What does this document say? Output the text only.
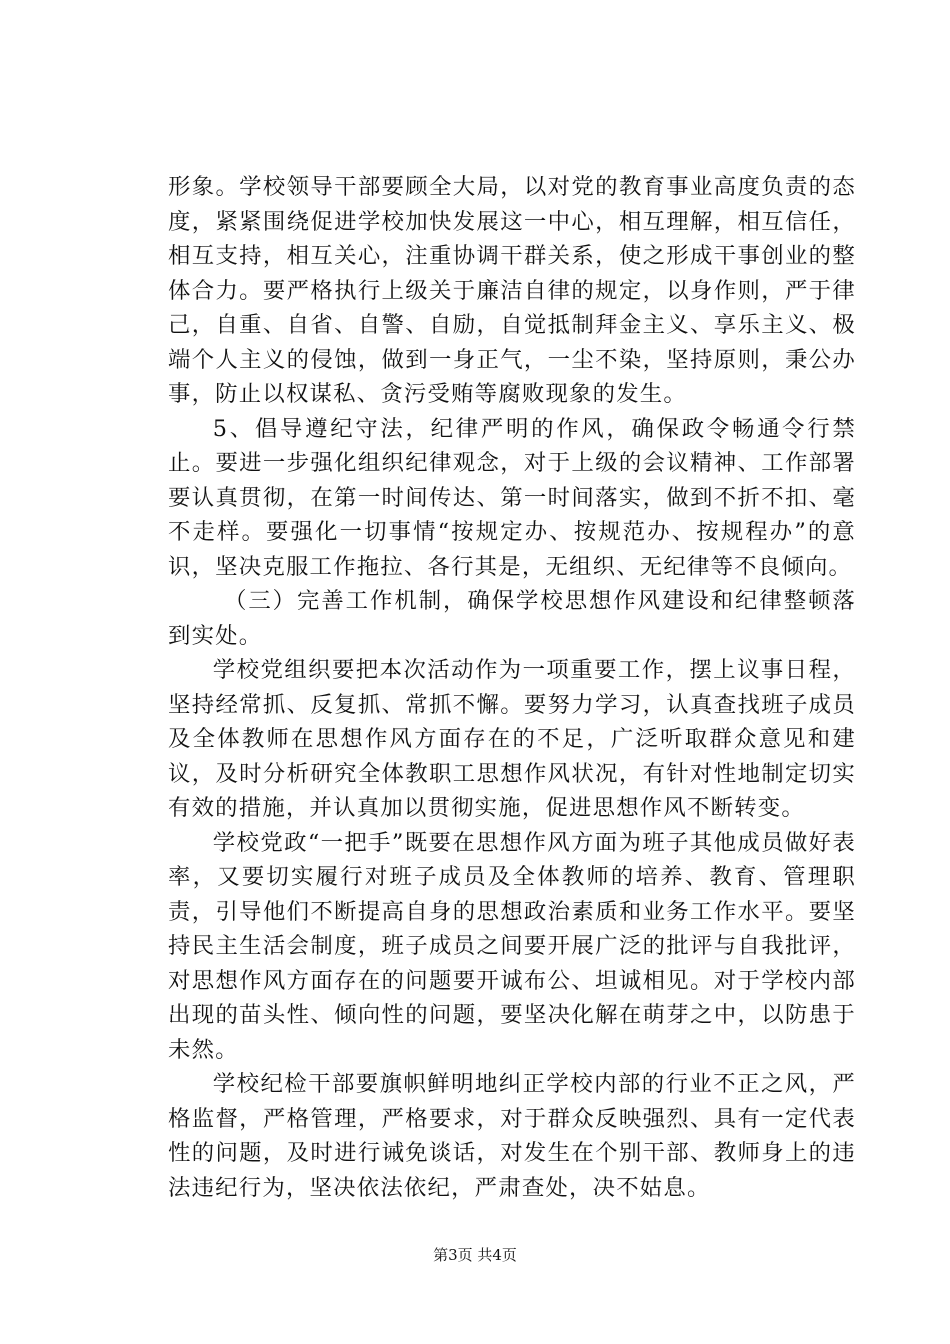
形象。学校领导干部要顾全大局，以对党的教育事业高度负责的态度，紧紧围绕促进学校加快发展这一中心，相互理解，相互信任，相互支持，相互关心，注重协调干群关系，使之形成干事创业的整体合力。要严格执行上级关于廉洁自律的规定，以身作则，严于律己，自重、自省、自警、自励，自觉抵制拜金主义、享乐主义、极端个人主义的侵蚀，做到一身正气，一尘不染，坚持原则，秉公办事，防止以权谋私、贪污受贿等腐败现象的发生。

5、倡导遵纪守法，纪律严明的作风，确保政令畅通令行禁止。要进一步强化组织纪律观念，对于上级的会议精神、工作部署要认真贯彻，在第一时间传达、第一时间落实，做到不折不扣、毫不走样。要强化一切事情“按规定办、按规范办、按规程办”的意识，坚决克服工作拖拉、各行其是，无组织、无纪律等不良倾向。

（三）完善工作机制，确保学校思想作风建设和纪律整顿落到实处。

学校党组织要把本次活动作为一项重要工作，摆上议事日程，坚持经常抓、反复抓、常抓不懈。要努力学习，认真查找班子成员及全体教师在思想作风方面存在的不足，广泛听取群众意见和建议，及时分析研究全体教职工思想作风状况，有针对性地制定切实有效的措施，并认真加以贯彻实施，促进思想作风不断转变。

学校党政“一把手”既要在思想作风方面为班子其他成员做好表率，又要切实履行对班子成员及全体教师的培养、教育、管理职责，引导他们不断提高自身的思想政治素质和业务工作水平。要坚持民主生活会制度，班子成员之间要开展广泛的批评与自我批评，对思想作风方面存在的问题要开诚布公、坦诚相见。对于学校内部出现的苗头性、倾向性的问题，要坚决化解在萌芽之中，以防患于未然。

学校纪检干部要旗帜鲜明地纠正学校内部的行业不正之风，严格监督，严格管理，严格要求，对于群众反映强烈、具有一定代表性的问题，及时进行诫免谈话，对发生在个别干部、教师身上的违法违纪行为，坚决依法依纪，严肃查处，决不姑息。

第3页 共4页
